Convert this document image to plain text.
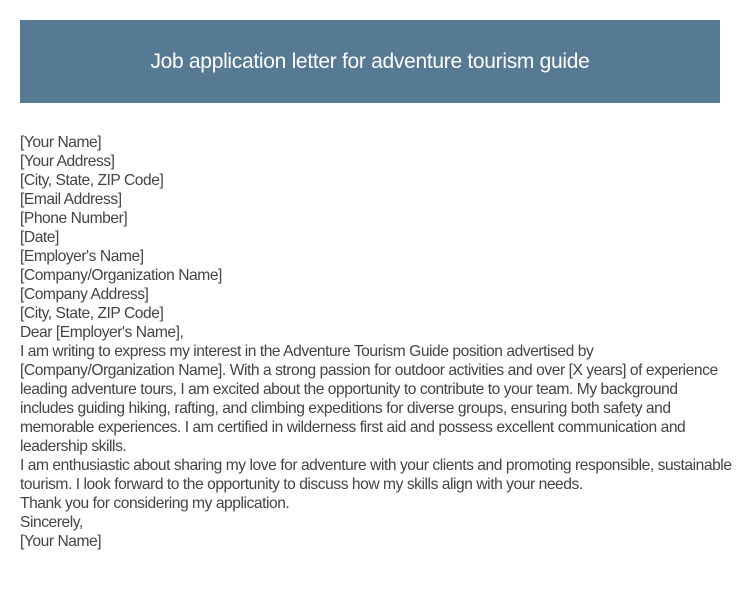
Job application letter for adventure tourism guide
[Your Name]
[Your Address]
[City, State, ZIP Code]
[Email Address]
[Phone Number]
[Date]
[Employer's Name]
[Company/Organization Name]
[Company Address]
[City, State, ZIP Code]
Dear [Employer's Name],
I am writing to express my interest in the Adventure Tourism Guide position advertised by [Company/Organization Name]. With a strong passion for outdoor activities and over [X years] of experience leading adventure tours, I am excited about the opportunity to contribute to your team. My background includes guiding hiking, rafting, and climbing expeditions for diverse groups, ensuring both safety and memorable experiences. I am certified in wilderness first aid and possess excellent communication and leadership skills.
I am enthusiastic about sharing my love for adventure with your clients and promoting responsible, sustainable tourism. I look forward to the opportunity to discuss how my skills align with your needs.
Thank you for considering my application.
Sincerely,
[Your Name]
